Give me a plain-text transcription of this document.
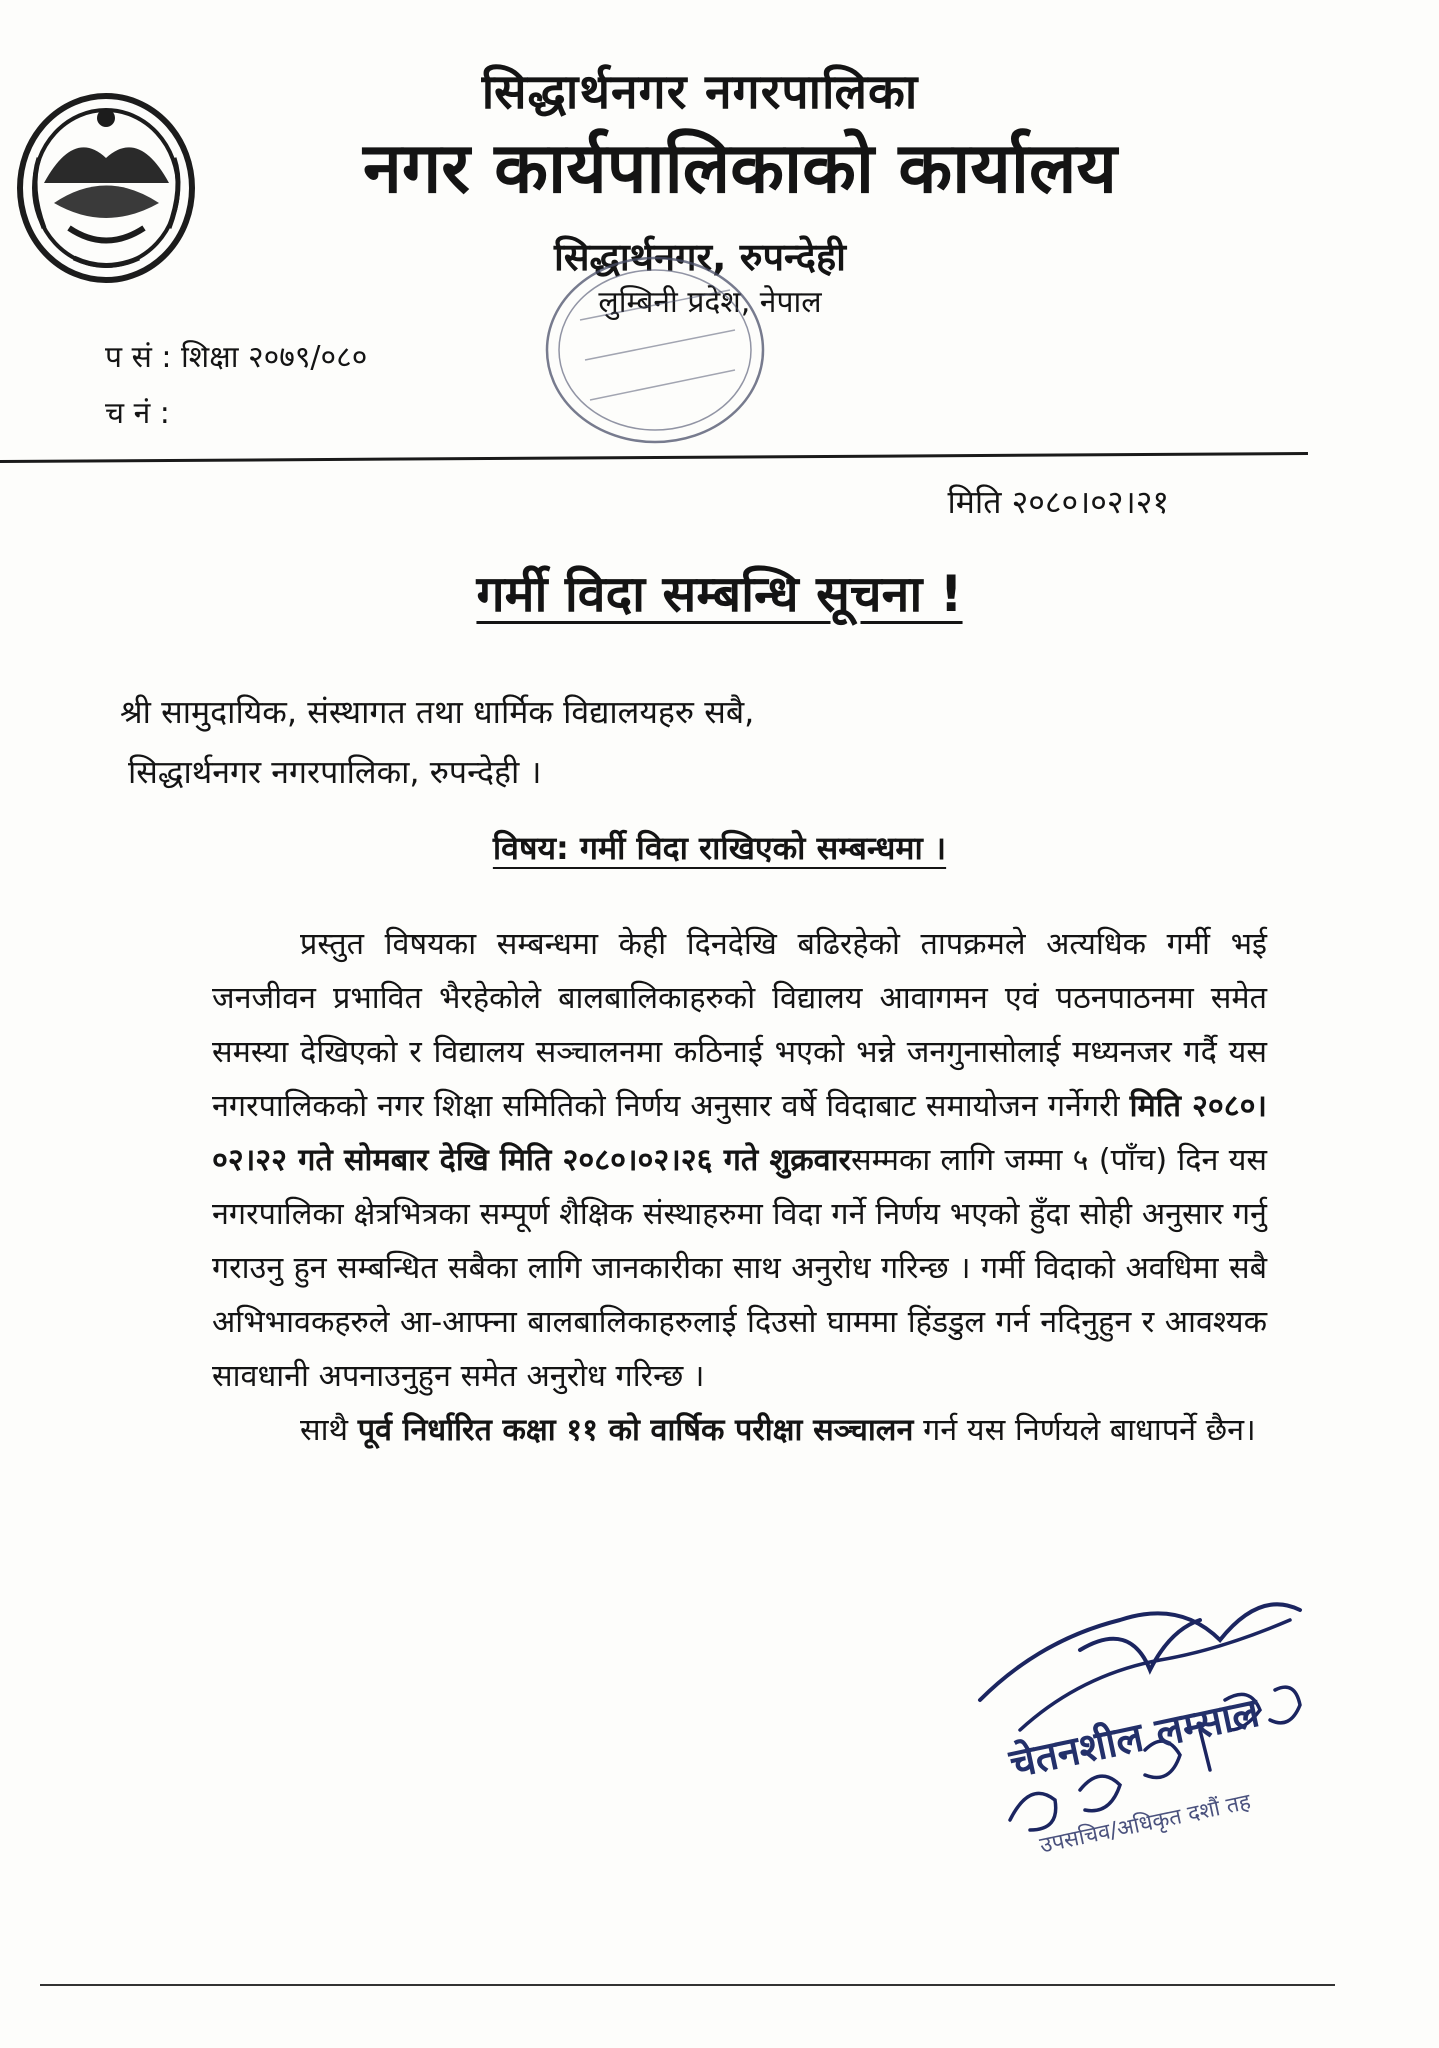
सिद्धार्थनगर नगरपालिका
नगर कार्यपालिकाको कार्यालय
सिद्धार्थनगर, रुपन्देही
लुम्बिनी प्रदेश, नेपाल
प सं : शिक्षा २०७९/०८०
च नं :
मिति २०८०।०२।२१
गर्मी विदा सम्बन्धि सूचना !
श्री सामुदायिक, संस्थागत तथा धार्मिक विद्यालयहरु सबै,
सिद्धार्थनगर नगरपालिका, रुपन्देही ।
विषय: गर्मी विदा राखिएको सम्बन्धमा ।

प्रस्तुत विषयका सम्बन्धमा केही दिनदेखि बढिरहेको तापक्रमले अत्यधिक गर्मी भई जनजीवन प्रभावित भैरहेकोले बालबालिकाहरुको विद्यालय आवागमन एवं पठनपाठनमा समेत समस्या देखिएको र विद्यालय सञ्चालनमा कठिनाई भएको भन्ने जनगुनासोलाई मध्यनजर गर्दै यस नगरपालिकको नगर शिक्षा समितिको निर्णय अनुसार वर्षे विदाबाट समायोजन गर्नेगरी मिति २०८०।०२।२२ गते सोमबार देखि मिति २०८०।०२।२६ गते शुक्रवारसम्मका लागि जम्मा ५ (पाँच) दिन यस नगरपालिका क्षेत्रभित्रका सम्पूर्ण शैक्षिक संस्थाहरुमा विदा गर्ने निर्णय भएको हुँदा सोही अनुसार गर्नु गराउनु हुन सम्बन्धित सबैका लागि जानकारीका साथ अनुरोध गरिन्छ । गर्मी विदाको अवधिमा सबै अभिभावकहरुले आ-आफ्ना बालबालिकाहरुलाई दिउसो घाममा हिंडडुल गर्न नदिनुहुन र आवश्यक सावधानी अपनाउनुहुन समेत अनुरोध गरिन्छ ।

साथै पूर्व निर्धारित कक्षा ११ को वार्षिक परीक्षा सञ्चालन गर्न यस निर्णयले बाधापर्ने छैन।

चेतनशील लम्साल
उपसचिव/अधिकृत दशौं तह
